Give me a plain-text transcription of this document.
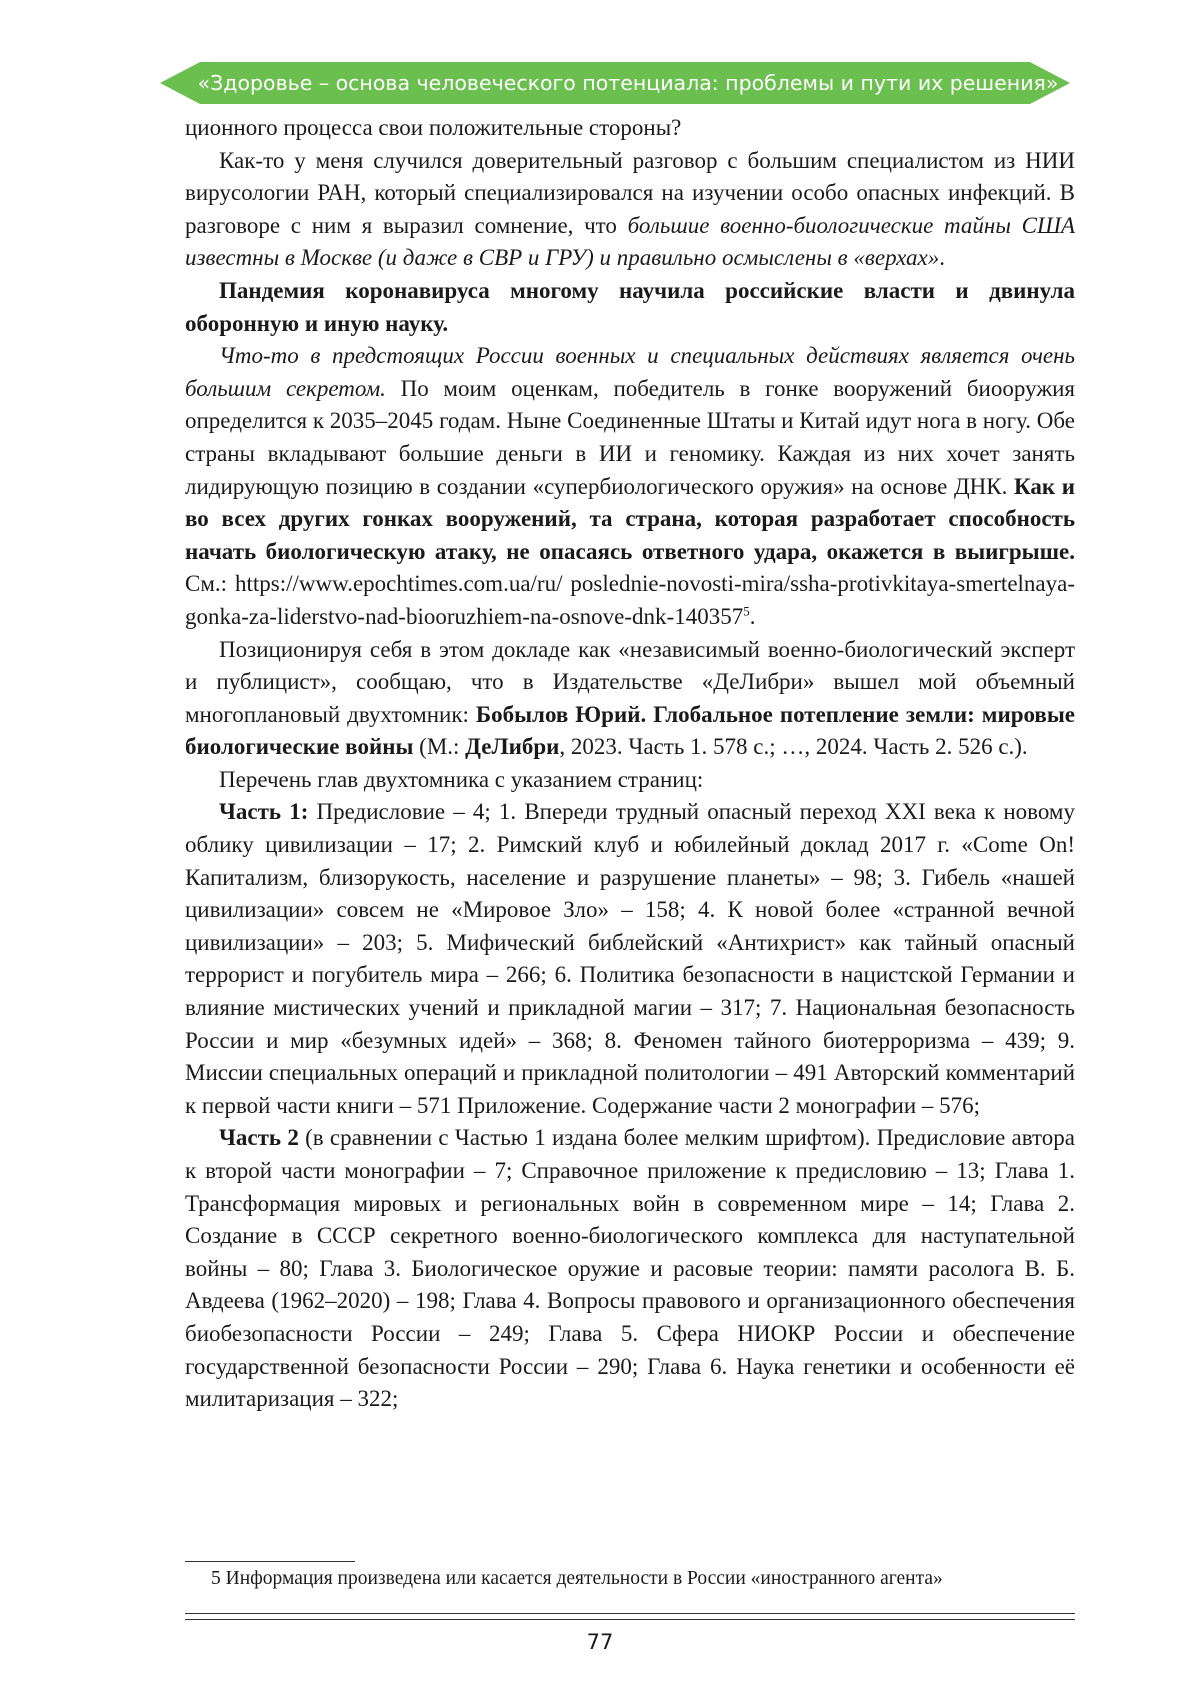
«Здоровье – основа человеческого потенциала: проблемы и пути их решения»

ционного процесса свои положительные стороны?

Как-то у меня случился доверительный разговор с большим специалистом из НИИ вирусологии РАН, который специализировался на изучении особо опасных инфекций. В разговоре с ним я выразил сомнение, что большие военно-биологические тайны США известны в Москве (и даже в СВР и ГРУ) и правильно осмыслены в «верхах».

Пандемия коронавируса многому научила российские власти и двинула оборонную и иную науку.

Что-то в предстоящих России военных и специальных действиях является очень большим секретом. По моим оценкам, победитель в гонке вооружений биооружия определится к 2035–2045 годам. Ныне Соединенные Штаты и Китай идут нога в ногу. Обе страны вкладывают большие деньги в ИИ и геномику. Каждая из них хочет занять лидирующую позицию в создании «супербиологического оружия» на основе ДНК. Как и во всех других гонках вооружений, та страна, которая разработает способность начать биологическую атаку, не опасаясь ответного удара, окажется в выигрыше. См.: https://www.epochtimes.com.ua/ru/ poslednie-novosti-mira/ssha-protivkitaya-smertelnaya-gonka-za-liderstvo-nad-biooruzhiem-na-osnove-dnk-140357$^5$.

Позиционируя себя в этом докладе как «независимый военно-биологический эксперт и публицист», сообщаю, что в Издательстве «ДеЛибри» вышел мой объемный многоплановый двухтомник: Бобылов Юрий. Глобальное потепление земли: мировые биологические войны (М.: ДеЛибри, 2023. Часть 1. 578 с.; …, 2024. Часть 2. 526 с.).

Перечень глав двухтомника с указанием страниц:

Часть 1: Предисловие – 4; 1. Впереди трудный опасный переход XXI века к новому облику цивилизации – 17; 2. Римский клуб и юбилейный доклад 2017 г. «Come On! Капитализм, близорукость, население и разрушение планеты» – 98; 3. Гибель «нашей цивилизации» совсем не «Мировое Зло» – 158; 4. К новой более «странной вечной цивилизации» – 203; 5. Мифический библейский «Антихрист» как тайный опасный террорист и погубитель мира – 266; 6. Политика безопасности в нацистской Германии и влияние мистических учений и прикладной магии – 317; 7. Национальная безопасность России и мир «безумных идей» – 368; 8. Феномен тайного биотерроризма – 439; 9. Миссии специальных операций и прикладной политологии – 491 Авторский комментарий к первой части книги – 571 Приложение. Содержание части 2 монографии – 576;

Часть 2 (в сравнении с Частью 1 издана более мелким шрифтом). Предисловие автора к второй части монографии – 7; Справочное приложение к предисловию – 13; Глава 1. Трансформация мировых и региональных войн в современном мире – 14; Глава 2. Создание в СССР секретного военно-биологического комплекса для наступательной войны – 80; Глава 3. Биологическое оружие и расовые теории: памяти расолога В. Б. Авдеева (1962–2020) – 198; Глава 4. Вопросы правового и организационного обеспечения биобезопасности России – 249; Глава 5. Сфера НИОКР России и обеспечение государственной безопасности России – 290; Глава 6. Наука генетики и особенности её милитаризация – 322;

5 Информация произведена или касается деятельности в России «иностранного агента»
77
